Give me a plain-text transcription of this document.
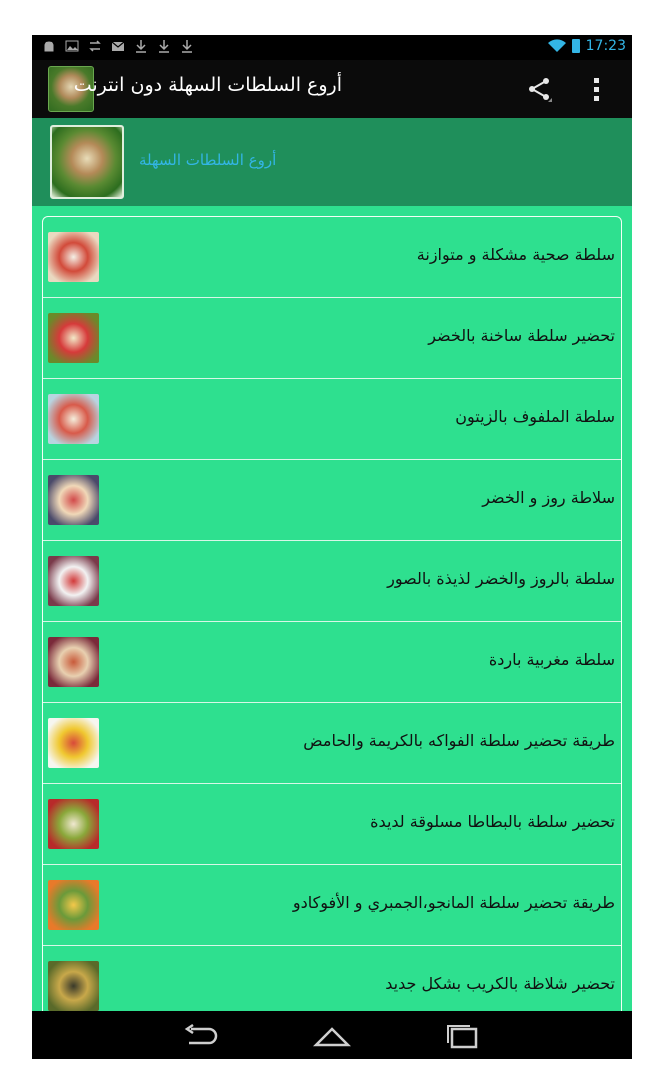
17:23
أروع السلطات السهلة دون انترنت
أروع السلطات السهلة
سلطة صحية مشكلة و متوازنة
تحضير سلطة ساخنة بالخضر
سلطة الملفوف بالزيتون
سلاطة روز و الخضر
سلطة بالروز والخضر لذيذة بالصور
سلطة مغربية باردة
طريقة تحضير سلطة الفواكه بالكريمة والحامض
تحضير سلطة بالبطاطا مسلوقة لديدة
طريقة تحضير سلطة المانجو،الجمبري و الأفوكادو
تحضير شلاظة بالكريب بشكل جديد
